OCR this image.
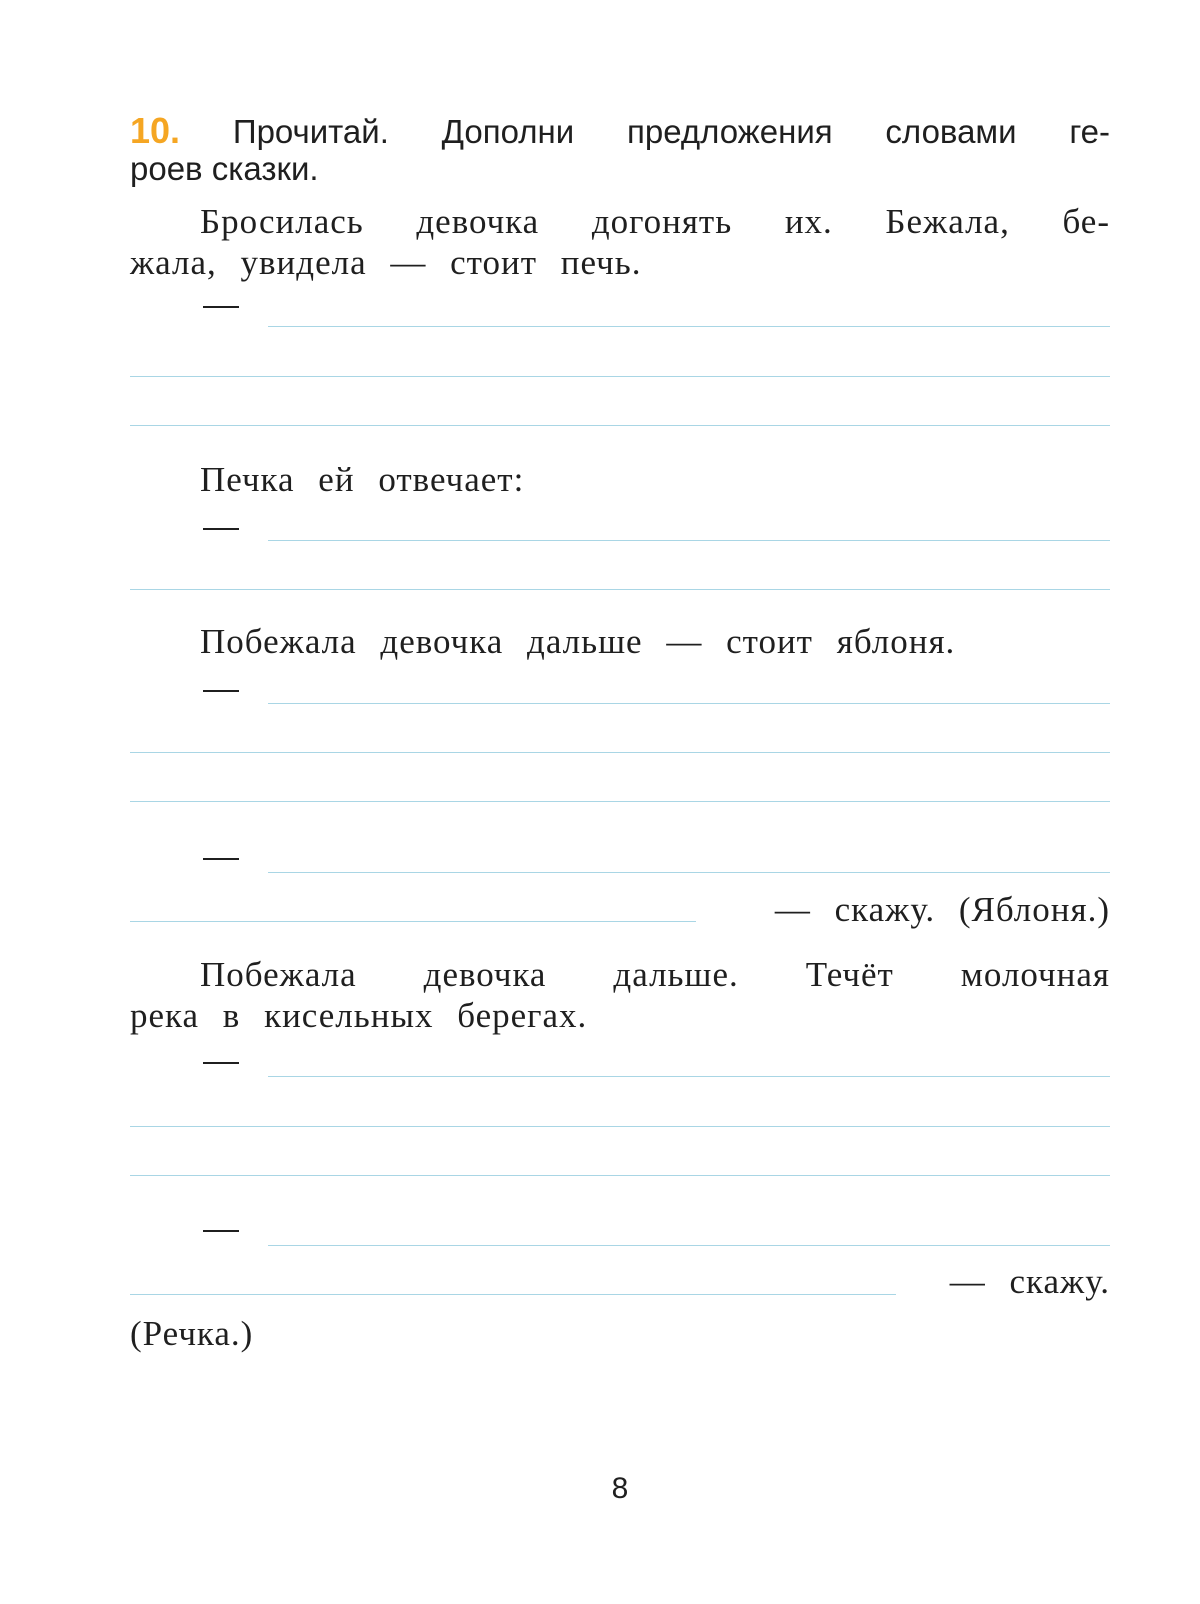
10. Прочитай. Дополни предложения словами ге-

роев сказки.

Бросилась девочка догонять их. Бежала, бе-

жала, увидела — стоит печь.

Печка ей отвечает:

Побежала девочка дальше — стоит яблоня.

— скажу. (Яблоня.)

Побежала девочка дальше. Течёт молочная

река в кисельных берегах.

— скажу.

(Речка.)

8
